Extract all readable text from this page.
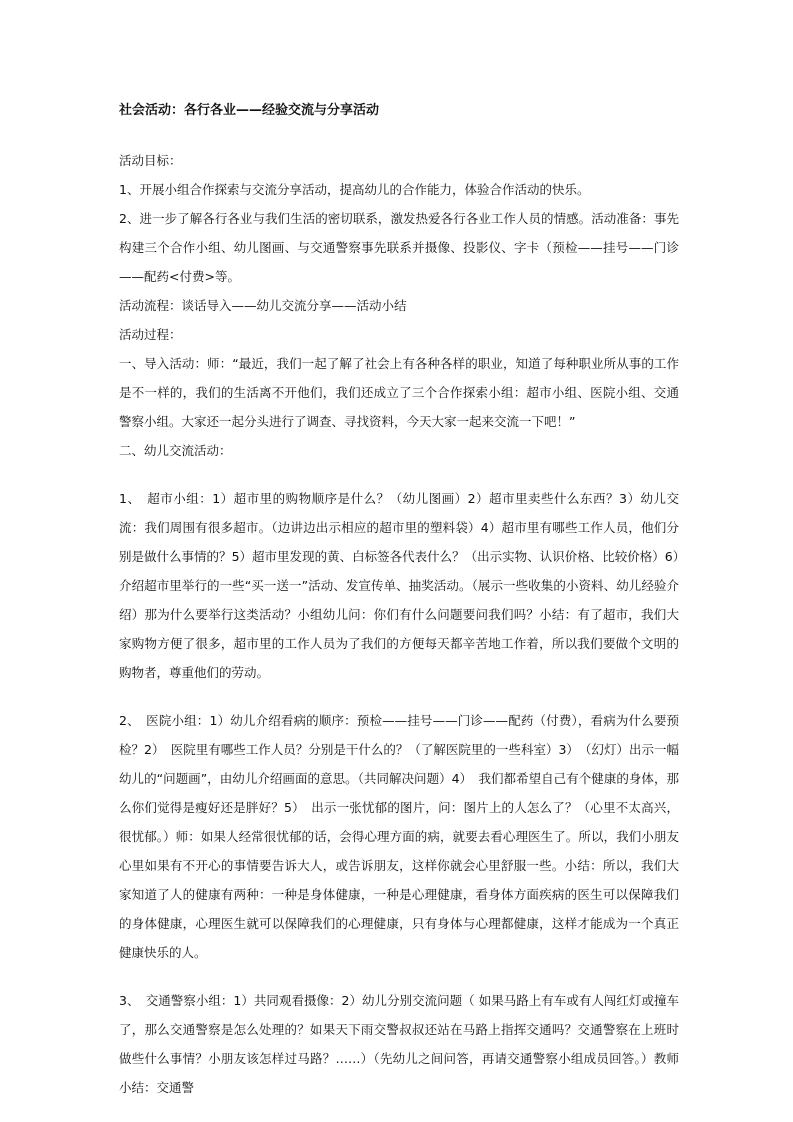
社会活动：各行各业——经验交流与分享活动

活动目标：

1、开展小组合作探索与交流分享活动，提高幼儿的合作能力，体验合作活动的快乐。

2、进一步了解各行各业与我们生活的密切联系，激发热爱各行各业工作人员的情感。活动准备：事先构建三个合作小组、幼儿图画、与交通警察事先联系并摄像、投影仪、字卡（预检——挂号——门诊——配药<付费>等。

活动流程：谈话导入——幼儿交流分享——活动小结

活动过程：

一、导入活动：师：“最近，我们一起了解了社会上有各种各样的职业，知道了每种职业所从事的工作是不一样的，我们的生活离不开他们，我们还成立了三个合作探索小组：超市小组、医院小组、交通警察小组。大家还一起分头进行了调查、寻找资料，今天大家一起来交流一下吧！”

二、幼儿交流活动：

1、　超市小组：1）超市里的购物顺序是什么？（幼儿图画）2）超市里卖些什么东西？3）幼儿交流：我们周围有很多超市。（边讲边出示相应的超市里的塑料袋）4）超市里有哪些工作人员，他们分别是做什么事情的？5）超市里发现的黄、白标签各代表什么？（出示实物、认识价格、比较价格）6）介绍超市里举行的一些“买一送一”活动、发宣传单、抽奖活动。（展示一些收集的小资料、幼儿经验介绍）那为什么要举行这类活动？小组幼儿问：你们有什么问题要问我们吗？小结：有了超市，我们大家购物方便了很多，超市里的工作人员为了我们的方便每天都辛苦地工作着，所以我们要做个文明的购物者，尊重他们的劳动。

2、　医院小组：1）幼儿介绍看病的顺序：预检——挂号——门诊——配药（付费），看病为什么要预检？2）　医院里有哪些工作人员？分别是干什么的？（了解医院里的一些科室）3）　（幻灯）出示一幅幼儿的“问题画”，由幼儿介绍画面的意思。（共同解决问题）4）　我们都希望自己有个健康的身体，那么你们觉得是瘦好还是胖好？5）　出示一张忧郁的图片，问：图片上的人怎么了？（心里不太高兴，很忧郁。）师：如果人经常很忧郁的话，会得心理方面的病，就要去看心理医生了。所以，我们小朋友心里如果有不开心的事情要告诉大人，或告诉朋友，这样你就会心里舒服一些。小结：所以，我们大家知道了人的健康有两种：一种是身体健康，一种是心理健康，看身体方面疾病的医生可以保障我们的身体健康，心理医生就可以保障我们的心理健康，只有身体与心理都健康，这样才能成为一个真正健康快乐的人。

3、　交通警察小组：1）共同观看摄像：2）幼儿分别交流问题（ 如果马路上有车或有人闯红灯或撞车了，那么交通警察是怎么处理的？如果天下雨交警叔叔还站在马路上指挥交通吗？交通警察在上班时做些什么事情？小朋友该怎样过马路？……）（先幼儿之间问答，再请交通警察小组成员回答。）教师小结：交通警
